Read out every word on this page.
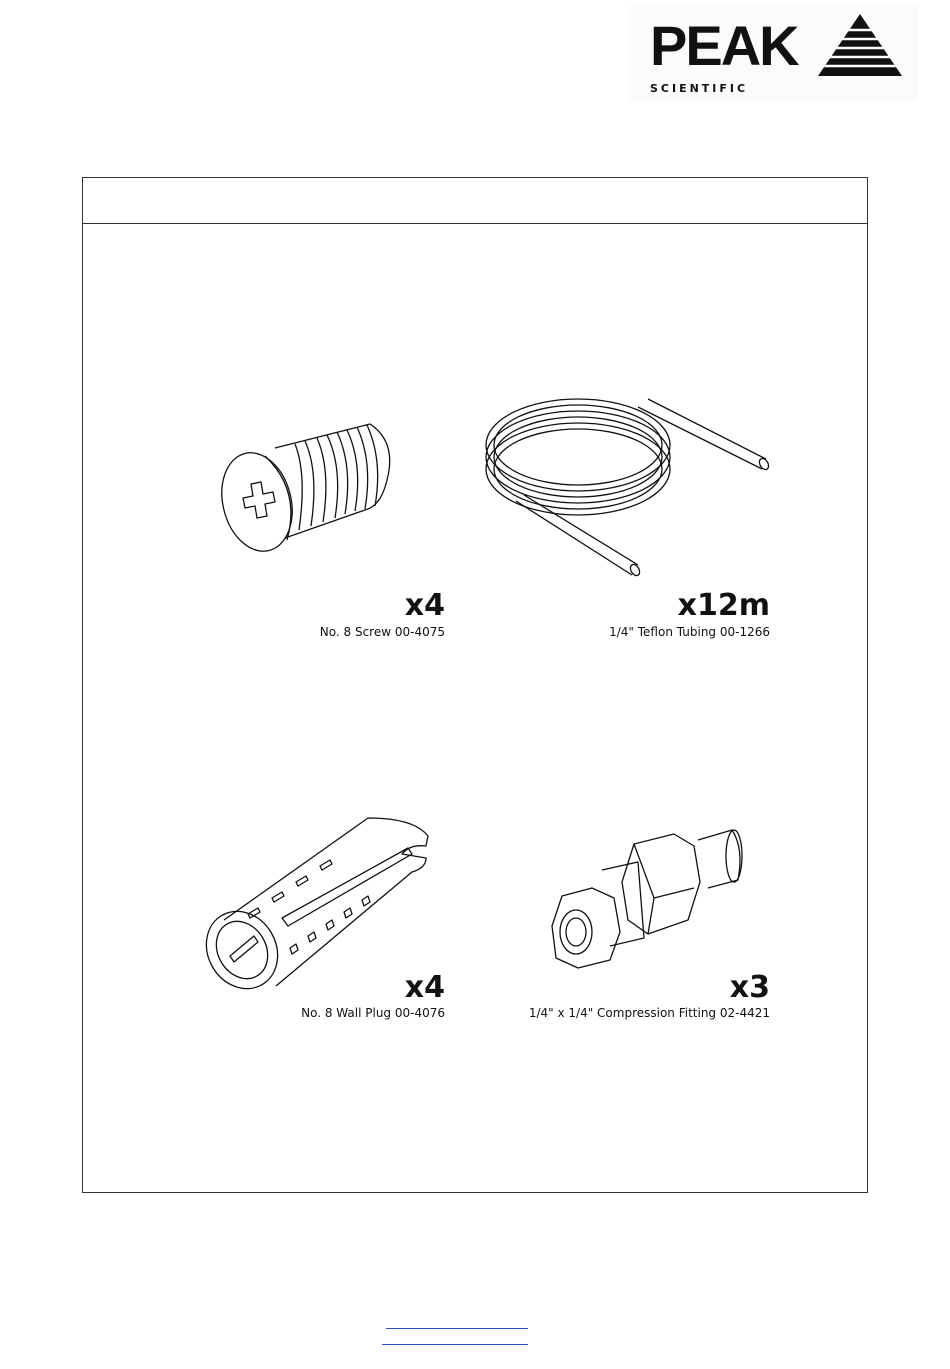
PEAK
SCIENTIFIC
x4
No. 8 Screw 00-4075
x12m
1/4" Teflon Tubing 00-1266
x4
No. 8 Wall Plug 00-4076
x3
1/4" x 1/4" Compression Fitting 02-4421
